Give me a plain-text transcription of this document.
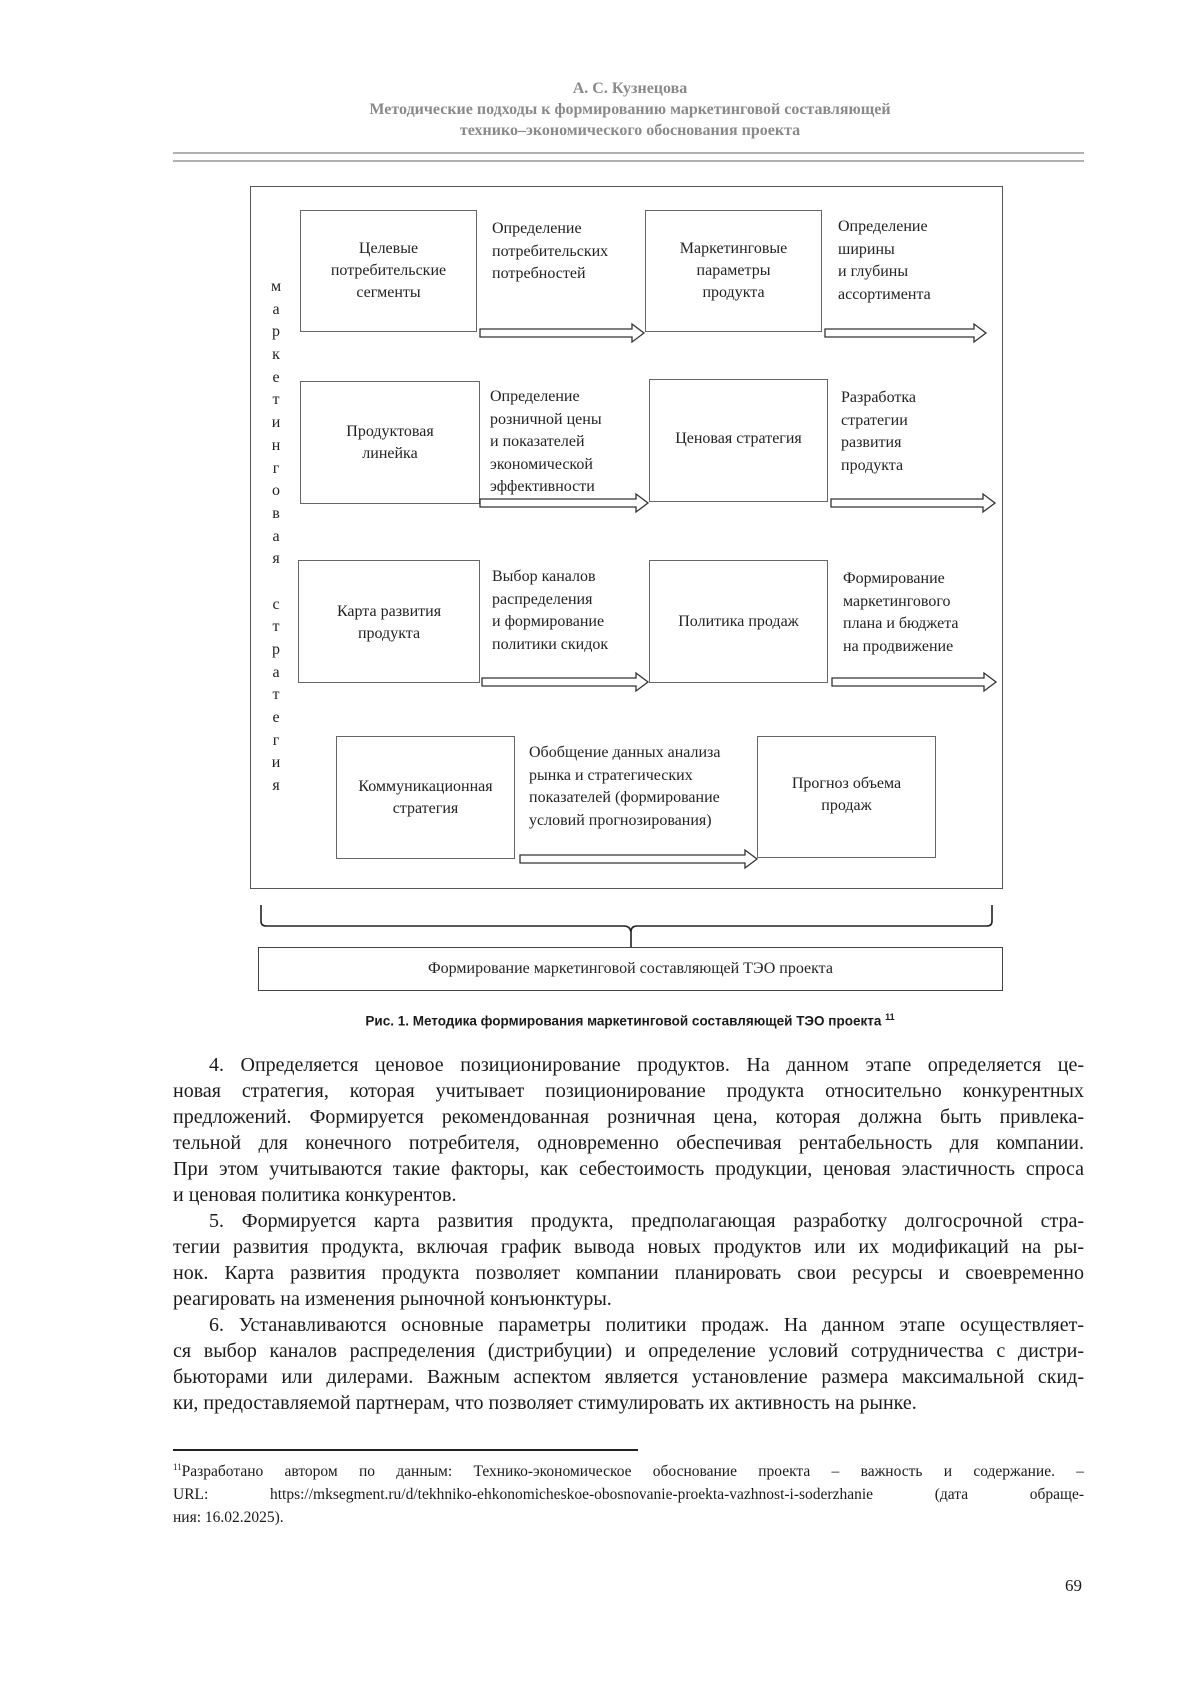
А. С. Кузнецова
Методические подходы к формированию маркетинговой составляющей
технико–экономического обоснования проекта
м
а
р
к
е
т
и
н
г
о
в
а
я
с
т
р
а
т
е
г
и
я
Целевые
потребительские
сегменты
Определение
потребительских
потребностей
Маркетинговые
параметры
продукта
Определение
ширины
и глубины
ассортимента
Продуктовая
линейка
Определение
розничной цены
и показателей
экономической
эффективности
Ценовая стратегия
Разработка
стратегии
развития
продукта
Карта развития
продукта
Выбор каналов
распределения
и формирование
политики скидок
Политика продаж
Формирование
маркетингового
плана и бюджета
на продвижение
Коммуникационная
стратегия
Обобщение данных анализа
рынка и стратегических
показателей (формирование
условий прогнозирования)
Прогноз объема
продаж
Формирование маркетинговой составляющей ТЭО проекта
Рис. 1. Методика формирования маркетинговой составляющей ТЭО проекта $^{11}$
4. Определяется ценовое позиционирование продуктов. На данном этапе определяется це-
новая стратегия, которая учитывает позиционирование продукта относительно конкурентных
предложений. Формируется рекомендованная розничная цена, которая должна быть привлека-
тельной для конечного потребителя, одновременно обеспечивая рентабельность для компании.
При этом учитываются такие факторы, как себестоимость продукции, ценовая эластичность спроса
и ценовая политика конкурентов.
5. Формируется карта развития продукта, предполагающая разработку долгосрочной стра-
тегии развития продукта, включая график вывода новых продуктов или их модификаций на ры-
нок. Карта развития продукта позволяет компании планировать свои ресурсы и своевременно
реагировать на изменения рыночной конъюнктуры.
6. Устанавливаются основные параметры политики продаж. На данном этапе осуществляет-
ся выбор каналов распределения (дистрибуции) и определение условий сотрудничества с дистри-
бьюторами или дилерами. Важным аспектом является установление размера максимальной скид-
ки, предоставляемой партнерам, что позволяет стимулировать их активность на рынке.
$^{11}$Разработано автором по данным: Технико-экономическое обоснование проекта – важность и содержание. –
URL: https://mksegment.ru/d/tekhniko-ehkonomicheskoe-obosnovanie-proekta-vazhnost-i-soderzhanie (дата обраще-
ния: 16.02.2025).
69
